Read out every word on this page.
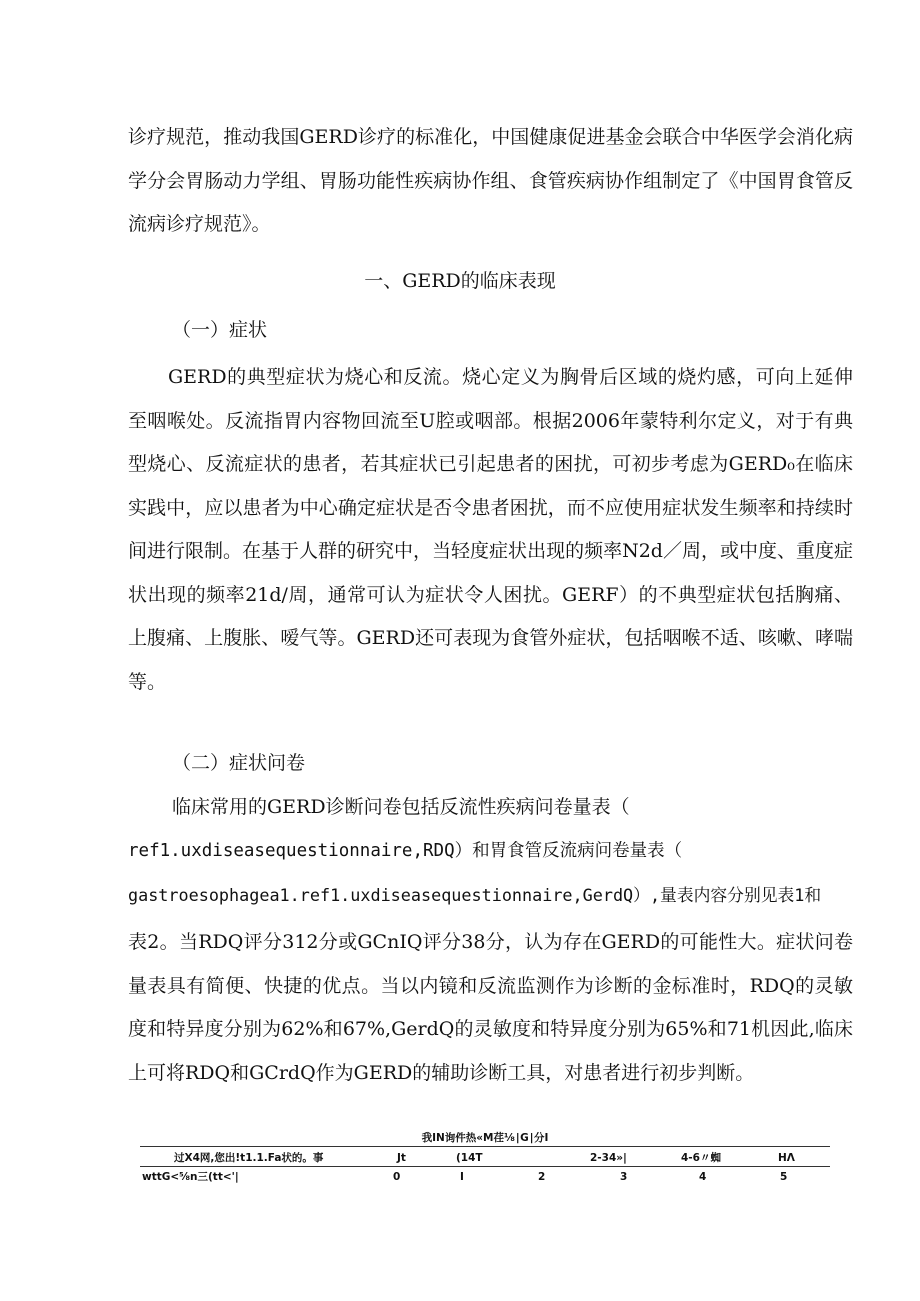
诊疗规范，推动我国GERD诊疗的标准化，中国健康促进基金会联合中华医学会消化病学分会胃肠动力学组、胃肠功能性疾病协作组、食管疾病协作组制定了《中国胃食管反流病诊疗规范》。

一、GERD的临床表现

（一）症状

GERD的典型症状为烧心和反流。烧心定义为胸骨后区域的烧灼感，可向上延伸至咽喉处。反流指胃内容物回流至U腔或咽部。根据2006年蒙特利尔定义，对于有典型烧心、反流症状的患者，若其症状已引起患者的困扰，可初步考虑为GERD₀在临床实践中，应以患者为中心确定症状是否令患者困扰，而不应使用症状发生频率和持续时间进行限制。在基于人群的研究中，当轻度症状出现的频率N2d／周，或中度、重度症状出现的频率21d/周，通常可认为症状令人困扰。GERF）的不典型症状包括胸痛、上腹痛、上腹胀、嗳气等。GERD还可表现为食管外症状，包括咽喉不适、咳嗽、哮喘等。

（二）症状问卷

临床常用的GERD诊断问卷包括反流性疾病问卷量表（

ref1.uxdiseasequestionnaire,RDQ）和胃食管反流病问卷量表（

gastroesophagea1.ref1.uxdiseasequestionnaire,GerdQ）,量表内容分别见表1和

表2。当RDQ评分312分或GCnIQ评分38分，认为存在GERD的可能性大。症状问卷量表具有简便、快捷的优点。当以内镜和反流监测作为诊断的金标准时，RDQ的灵敏度和特异度分别为62%和67%,GerdQ的灵敏度和特异度分别为65%和71机因此,临床上可将RDQ和GCrdQ作为GERD的辅助诊断工具，对患者进行初步判断。

我IN询件热«M荏⅛∣G∣分I
过X4网,您出!t1.1.Fa状的。事	Jt	(14T	2-34»|	4-6〃蜘	HΛ
wttG<⅝n三(tt<'|	0	I	2	3	4	5
